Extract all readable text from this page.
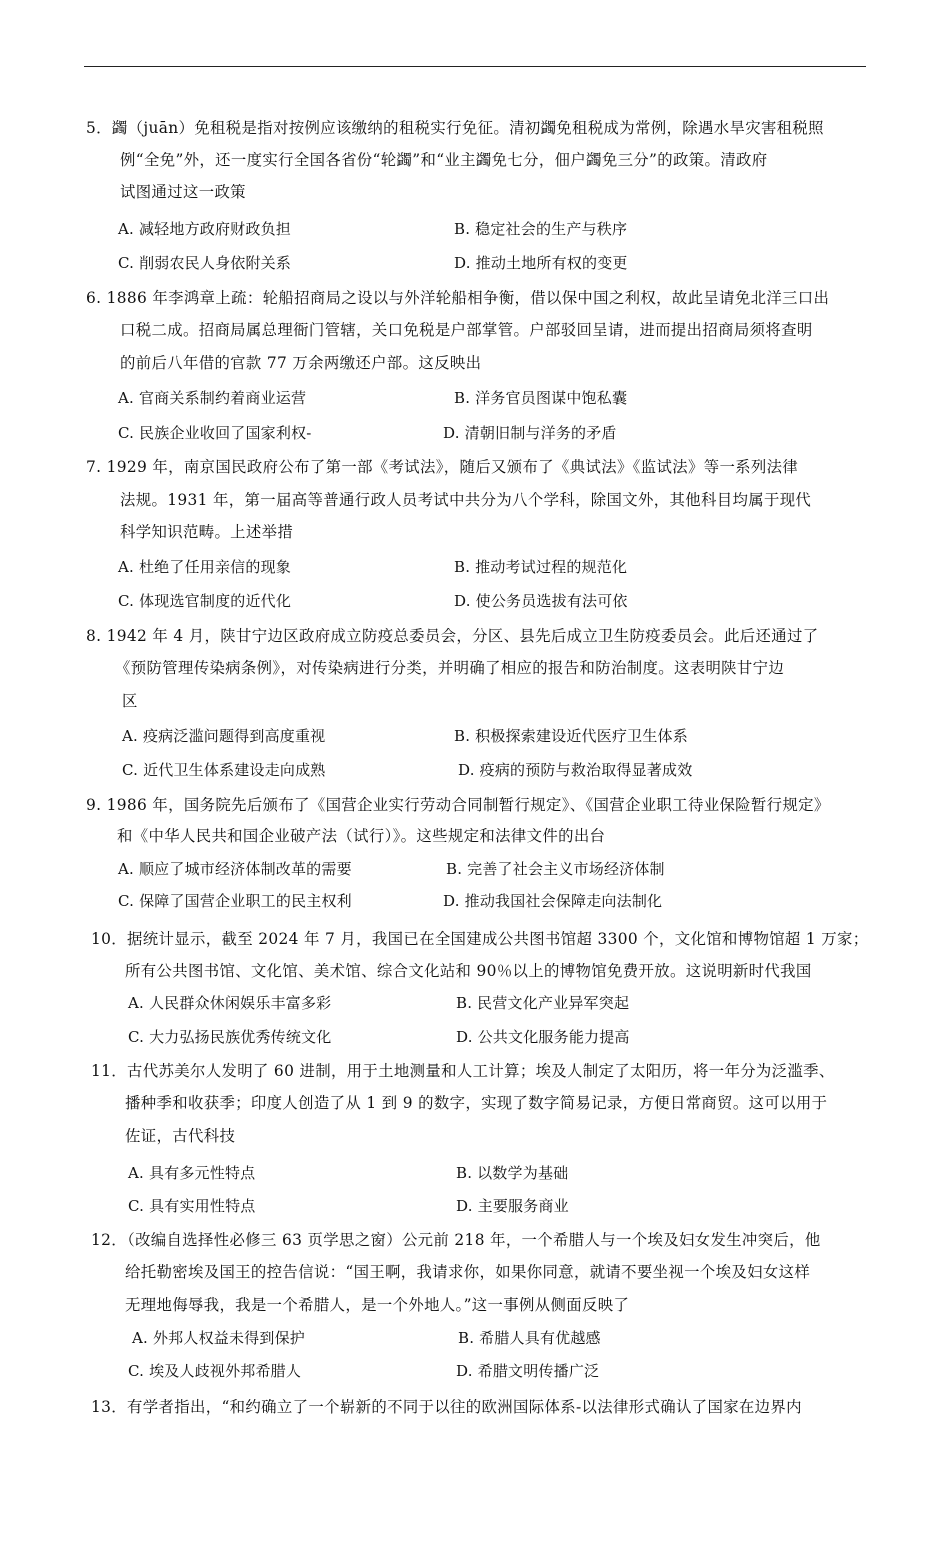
5．蠲（juān）免租税是指对按例应该缴纳的租税实行免征。清初蠲免租税成为常例，除遇水旱灾害租税照
例“全免”外，还一度实行全国各省份“轮蠲”和“业主蠲免七分，佃户蠲免三分”的政策。清政府
试图通过这一政策
A. 减轻地方政府财政负担	B. 稳定社会的生产与秩序
C. 削弱农民人身依附关系	D. 推动土地所有权的变更
6. 1886 年李鸿章上疏：轮船招商局之设以与外洋轮船相争衡，借以保中国之利权，故此呈请免北洋三口出
口税二成。招商局属总理衙门管辖，关口免税是户部掌管。户部驳回呈请，进而提出招商局须将查明
的前后八年借的官款 77 万余两缴还户部。这反映出
A. 官商关系制约着商业运营	B. 洋务官员图谋中饱私囊
C. 民族企业收回了国家利权-	D. 清朝旧制与洋务的矛盾
7. 1929 年，南京国民政府公布了第一部《考试法》，随后又颁布了《典试法》《监试法》等一系列法律
法规。1931 年，第一届高等普通行政人员考试中共分为八个学科，除国文外，其他科目均属于现代
科学知识范畴。上述举措
A. 杜绝了任用亲信的现象	B. 推动考试过程的规范化
C. 体现选官制度的近代化	D. 使公务员选拔有法可依
8. 1942 年 4 月，陕甘宁边区政府成立防疫总委员会，分区、县先后成立卫生防疫委员会。此后还通过了
《预防管理传染病条例》，对传染病进行分类，并明确了相应的报告和防治制度。这表明陕甘宁边
区
A. 疫病泛滥问题得到高度重视	B. 积极探索建设近代医疗卫生体系
C. 近代卫生体系建设走向成熟	D. 疫病的预防与救治取得显著成效
9. 1986 年，国务院先后颁布了《国营企业实行劳动合同制暂行规定》、《国营企业职工待业保险暂行规定》
和《中华人民共和国企业破产法（试行）》。这些规定和法律文件的出台
A. 顺应了城市经济体制改革的需要	B. 完善了社会主义市场经济体制
C. 保障了国营企业职工的民主权利	D. 推动我国社会保障走向法制化
10．据统计显示，截至 2024 年 7 月，我国已在全国建成公共图书馆超 3300 个，文化馆和博物馆超 1 万家；
所有公共图书馆、文化馆、美术馆、综合文化站和 90％以上的博物馆免费开放。这说明新时代我国
A. 人民群众休闲娱乐丰富多彩	B. 民营文化产业异军突起
C. 大力弘扬民族优秀传统文化	D. 公共文化服务能力提高
11．古代苏美尔人发明了 60 进制，用于土地测量和人工计算；埃及人制定了太阳历，将一年分为泛滥季、
播种季和收获季；印度人创造了从 1 到 9 的数字，实现了数字简易记录，方便日常商贸。这可以用于
佐证，古代科技
A. 具有多元性特点	B. 以数学为基础
C. 具有实用性特点	D. 主要服务商业
12．（改编自选择性必修三 63 页学思之窗）公元前 218 年，一个希腊人与一个埃及妇女发生冲突后，他
给托勒密埃及国王的控告信说：“国王啊，我请求你，如果你同意，就请不要坐视一个埃及妇女这样
无理地侮辱我，我是一个希腊人，是一个外地人。”这一事例从侧面反映了
A. 外邦人权益未得到保护	B. 希腊人具有优越感
C. 埃及人歧视外邦希腊人	D. 希腊文明传播广泛
13．有学者指出，“和约确立了一个崭新的不同于以往的欧洲国际体系-以法律形式确认了国家在边界内
